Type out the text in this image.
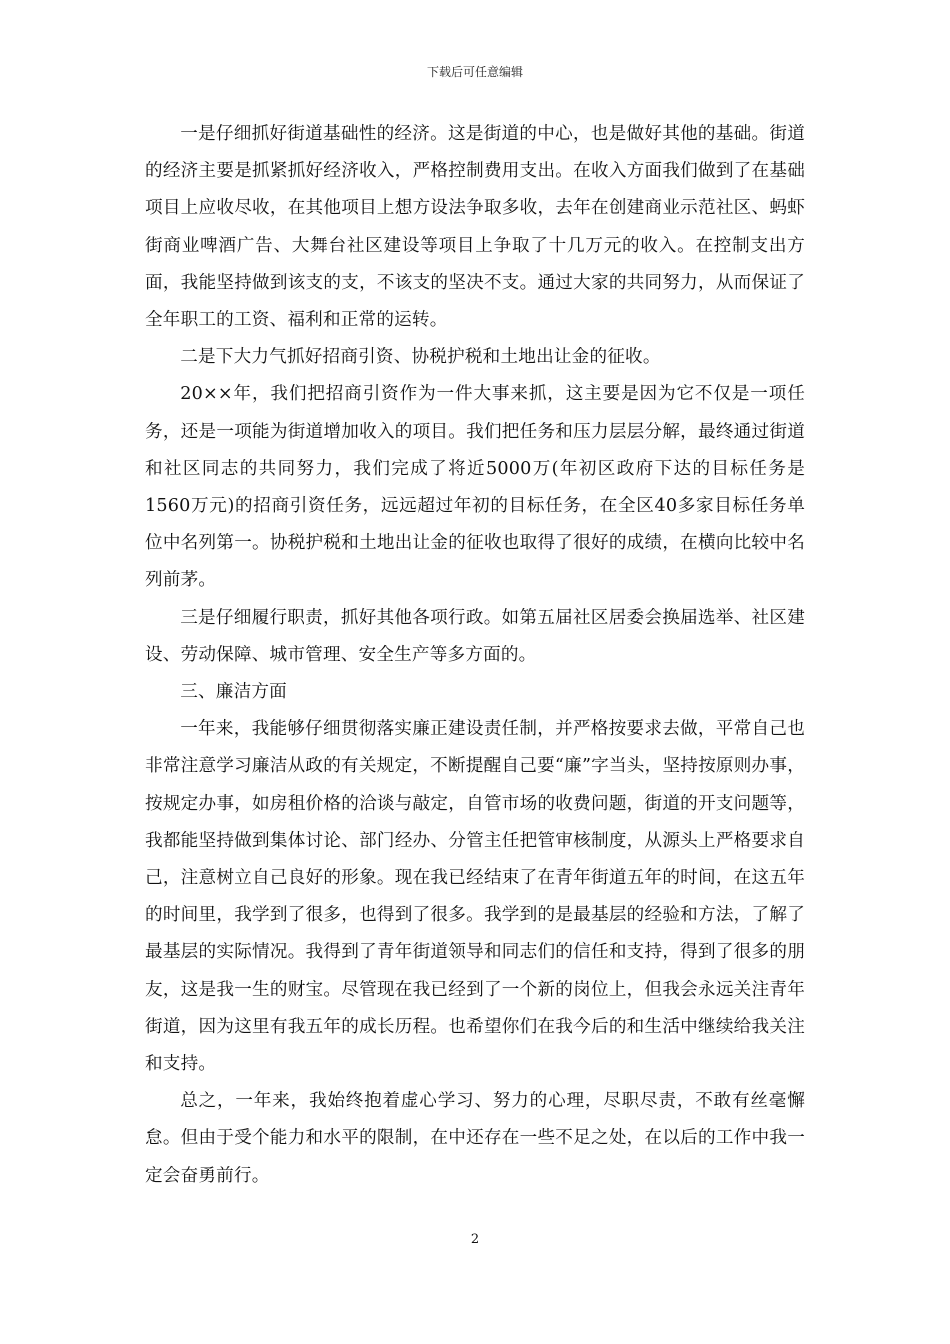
下载后可任意编辑

一是仔细抓好街道基础性的经济。这是街道的中心，也是做好其他的基础。街道的经济主要是抓紧抓好经济收入，严格控制费用支出。在收入方面我们做到了在基础项目上应收尽收，在其他项目上想方设法争取多收，去年在创建商业示范社区、蚂虾街商业啤酒广告、大舞台社区建设等项目上争取了十几万元的收入。在控制支出方面，我能坚持做到该支的支，不该支的坚决不支。通过大家的共同努力，从而保证了全年职工的工资、福利和正常的运转。

二是下大力气抓好招商引资、协税护税和土地出让金的征收。

20××年，我们把招商引资作为一件大事来抓，这主要是因为它不仅是一项任务，还是一项能为街道增加收入的项目。我们把任务和压力层层分解，最终通过街道和社区同志的共同努力，我们完成了将近5000万(年初区政府下达的目标任务是1560万元)的招商引资任务，远远超过年初的目标任务，在全区40多家目标任务单位中名列第一。协税护税和土地出让金的征收也取得了很好的成绩，在横向比较中名列前茅。

三是仔细履行职责，抓好其他各项行政。如第五届社区居委会换届选举、社区建设、劳动保障、城市管理、安全生产等多方面的。

三、廉洁方面

一年来，我能够仔细贯彻落实廉正建设责任制，并严格按要求去做，平常自己也非常注意学习廉洁从政的有关规定，不断提醒自己要“廉”字当头，坚持按原则办事，按规定办事，如房租价格的洽谈与敲定，自管市场的收费问题，街道的开支问题等，我都能坚持做到集体讨论、部门经办、分管主任把管审核制度，从源头上严格要求自己，注意树立自己良好的形象。现在我已经结束了在青年街道五年的时间，在这五年的时间里，我学到了很多，也得到了很多。我学到的是最基层的经验和方法，了解了最基层的实际情况。我得到了青年街道领导和同志们的信任和支持，得到了很多的朋友，这是我一生的财宝。尽管现在我已经到了一个新的岗位上，但我会永远关注青年街道，因为这里有我五年的成长历程。也希望你们在我今后的和生活中继续给我关注和支持。

总之，一年来，我始终抱着虚心学习、努力的心理，尽职尽责，不敢有丝毫懈怠。但由于受个能力和水平的限制，在中还存在一些不足之处，在以后的工作中我一定会奋勇前行。

2
